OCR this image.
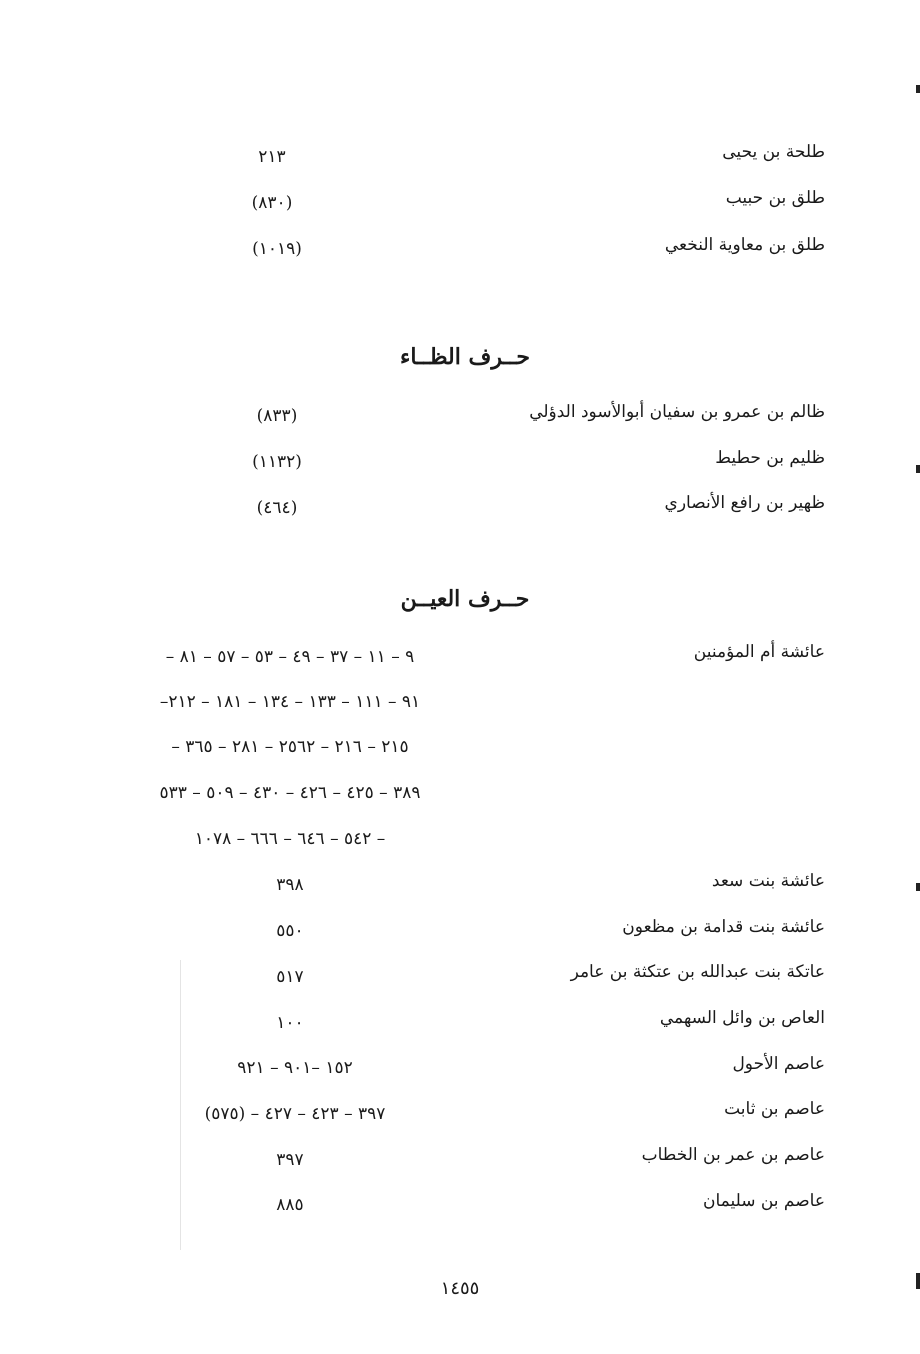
طلحة بن يحيى
٢١٣
طلق بن حبيب
(٨٣٠)
طلق بن معاوية النخعي
(١٠١٩)
حــرف الظــاء
ظالم بن عمرو بن سفيان أبوالأسود الدؤلي
(٨٣٣)
ظليم بن حطيط
(١١٣٢)
ظهير بن رافع الأنصاري
(٤٦٤)
حــرف العيــن
عائشة أم المؤمنين
٩ – ١١ – ٣٧ – ٤٩ – ٥٣ – ٥٧ – ٨١ –
٩١ – ١١١ – ١٣٣ – ١٣٤ – ١٨١ – ٢١٢–
٢١٥ – ٢١٦ – ٢٥٦٢ – ٢٨١ – ٣٦٥ –
٣٨٩ – ٤٢٥ – ٤٢٦ – ٤٣٠ – ٥٠٩ – ٥٣٣
– ٥٤٢ – ٦٤٦ – ٦٦٦ – ١٠٧٨
عائشة بنت سعد
٣٩٨
عائشة بنت قدامة بن مظعون
٥٥٠
عاتكة بنت عبدالله بن عتكثة بن عامر
٥١٧
العاص بن وائل السهمي
١٠٠
عاصم الأحول
١٥٢ –٩٠١ – ٩٢١
عاصم بن ثابت
٣٩٧ – ٤٢٣ – ٤٢٧ – (٥٧٥)
عاصم بن عمر بن الخطاب
٣٩٧
عاصم بن سليمان
٨٨٥
١٤٥٥
